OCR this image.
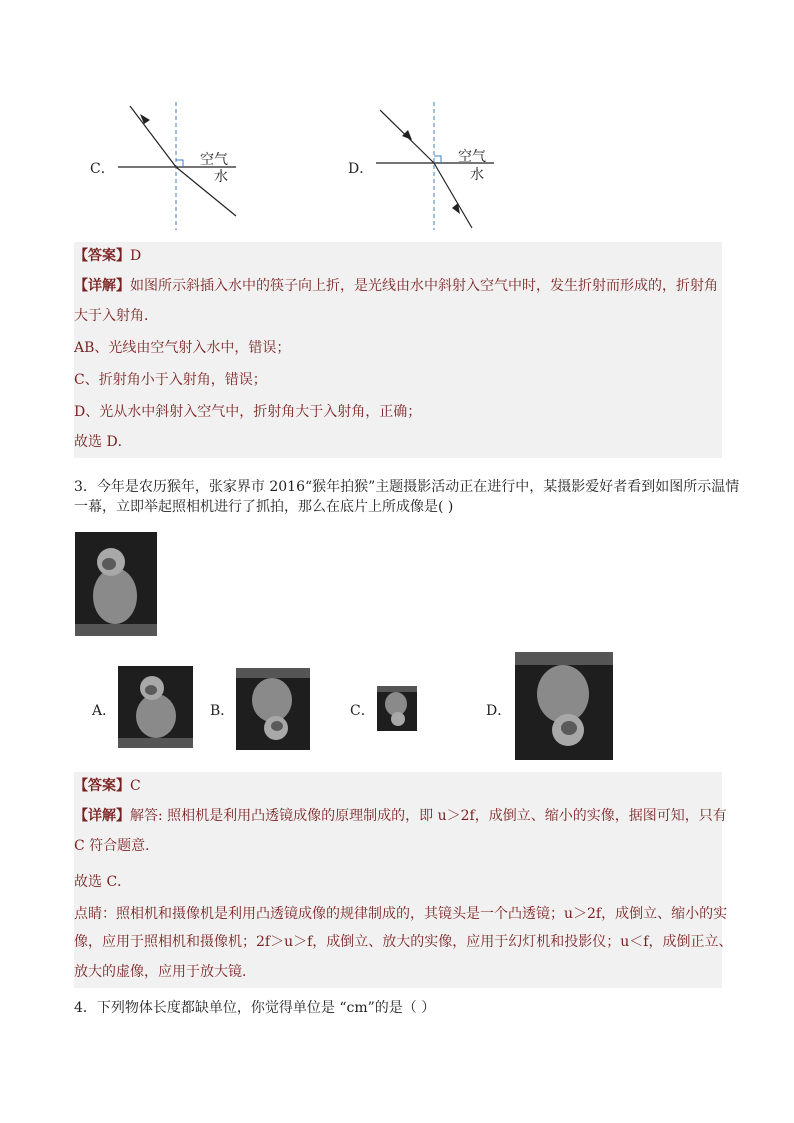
C．
空气
水	D．
空气
水
【答案】D
【详解】如图所示斜插入水中的筷子向上折，是光线由水中斜射入空气中时，发生折射而形成的，折射角
大于入射角．
AB、光线由空气射入水中，错误；
C、折射角小于入射角，错误；
D、光从水中斜射入空气中，折射角大于入射角，正确；
故选 D．
3．今年是农历猴年，张家界市 2016“猴年拍猴”主题摄影活动正在进行中，某摄影爱好者看到如图所示温情
一幕，立即举起照相机进行了抓拍，那么在底片上所成像是( )
A．	B．	C．	D．
【答案】C
【详解】解答: 照相机是利用凸透镜成像的原理制成的，即 u＞2f，成倒立、缩小的实像，据图可知，只有
C 符合题意．
故选 C．
点睛：照相机和摄像机是利用凸透镜成像的规律制成的，其镜头是一个凸透镜；u＞2f，成倒立、缩小的实
像，应用于照相机和摄像机；2f＞u＞f，成倒立、放大的实像，应用于幻灯机和投影仪；u＜f，成倒正立、
放大的虚像，应用于放大镜．
4．下列物体长度都缺单位，你觉得单位是 “cm”的是（ ）
